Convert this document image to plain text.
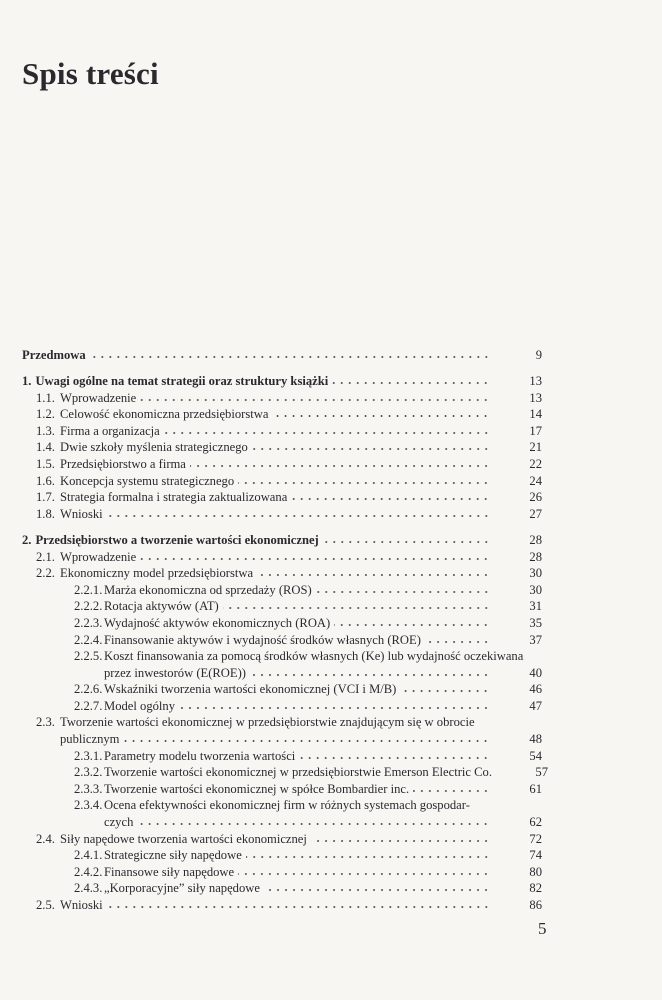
Spis treści
Przedmowa	9
1. Uwagi ogólne na temat strategii oraz struktury książki	13
1.1. Wprowadzenie	13
1.2. Celowość ekonomiczna przedsiębiorstwa	14
1.3. Firma a organizacja	17
1.4. Dwie szkoły myślenia strategicznego	21
1.5. Przedsiębiorstwo a firma	22
1.6. Koncepcja systemu strategicznego	24
1.7. Strategia formalna i strategia zaktualizowana	26
1.8. Wnioski	27
2. Przedsiębiorstwo a tworzenie wartości ekonomicznej	28
2.1. Wprowadzenie	28
2.2. Ekonomiczny model przedsiębiorstwa	30
2.2.1. Marża ekonomiczna od sprzedaży (ROS)	30
2.2.2. Rotacja aktywów (AT)	31
2.2.3. Wydajność aktywów ekonomicznych (ROA)	35
2.2.4. Finansowanie aktywów i wydajność środków własnych (ROE)	37
2.2.5. Koszt finansowania za pomocą środków własnych (Ke) lub wydajność oczekiwana
przez inwestorów (E(ROE))	40
2.2.6. Wskaźniki tworzenia wartości ekonomicznej (VCI i M/B)	46
2.2.7. Model ogólny	47
2.3. Tworzenie wartości ekonomicznej w przedsiębiorstwie znajdującym się w obrocie
publicznym	48
2.3.1. Parametry modelu tworzenia wartości	54
2.3.2. Tworzenie wartości ekonomicznej w przedsiębiorstwie Emerson Electric Co.	57
2.3.3. Tworzenie wartości ekonomicznej w spółce Bombardier inc.	61
2.3.4. Ocena efektywności ekonomicznej firm w różnych systemach gospodar-
czych	62
2.4. Siły napędowe tworzenia wartości ekonomicznej	72
2.4.1. Strategiczne siły napędowe	74
2.4.2. Finansowe siły napędowe	80
2.4.3. „Korporacyjne” siły napędowe	82
2.5. Wnioski	86
5
